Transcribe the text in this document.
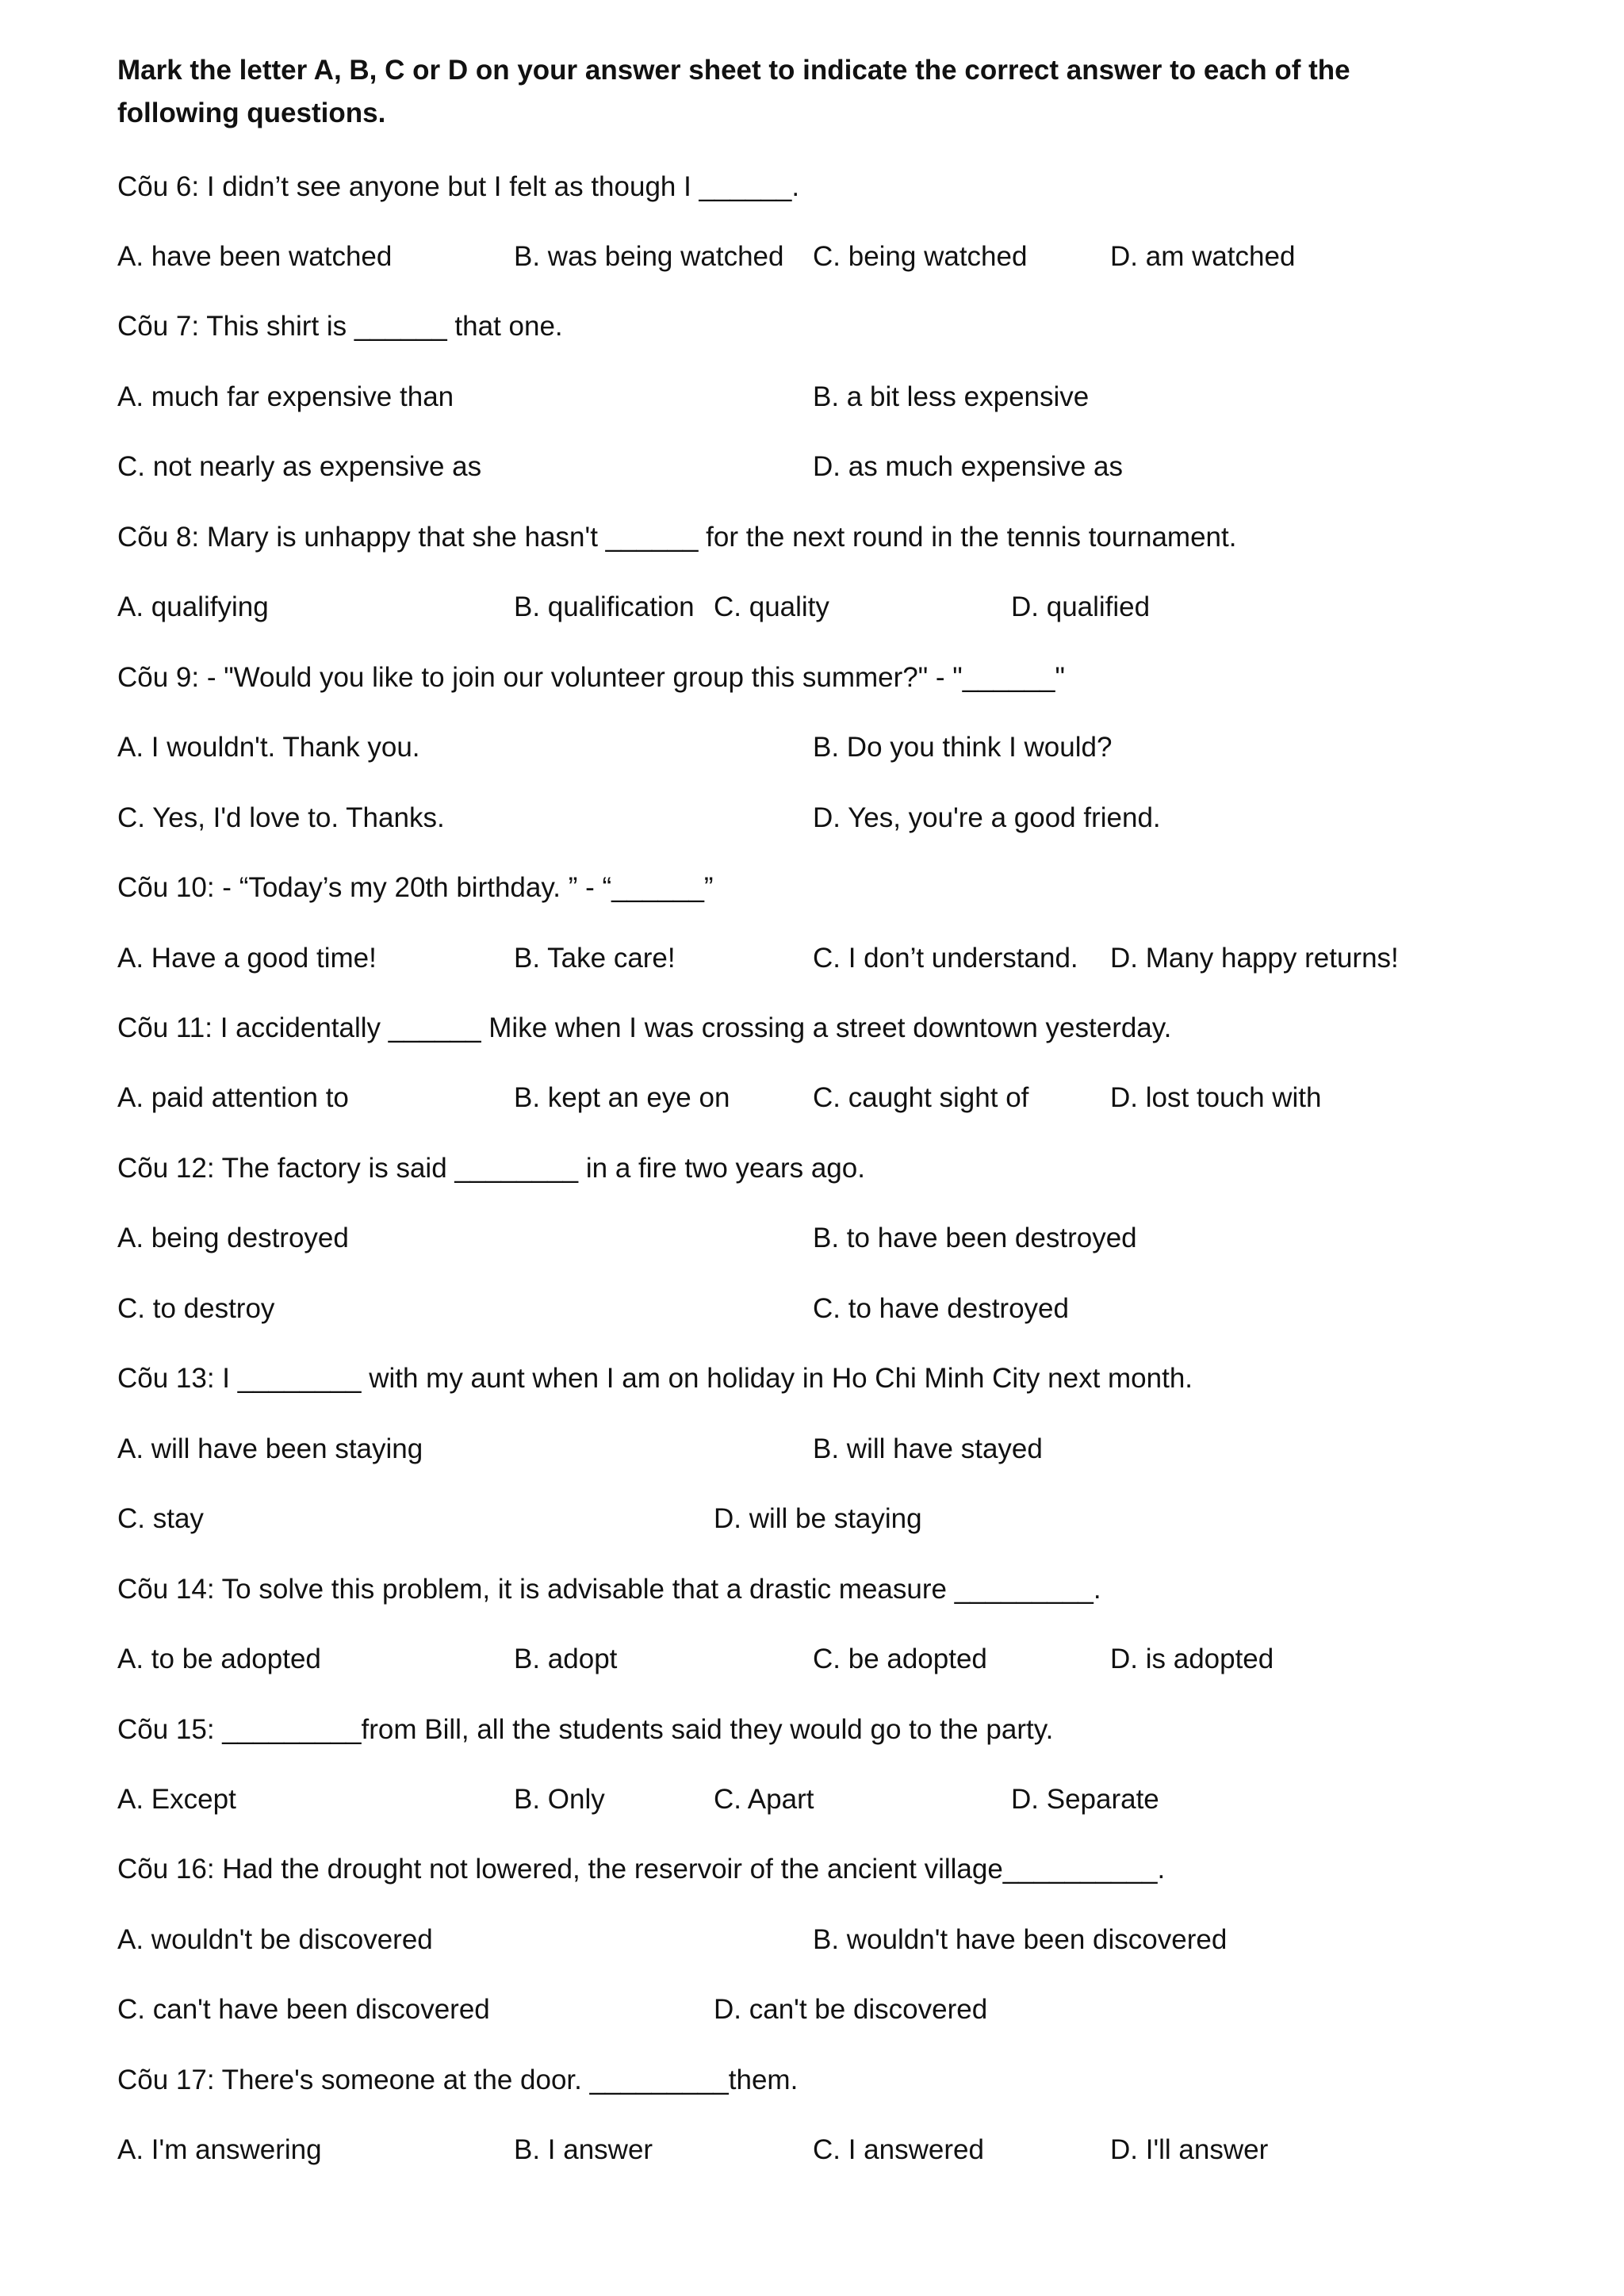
Mark the letter A, B, C or D on your answer sheet to indicate the correct answer to each of the following questions.
Cõu 6: I didn’t see anyone but I felt as though I ______.
A. have been watched	B. was being watched C. being watched	D. am watched
Cõu 7: This shirt is ______ that one.
A. much far expensive than	B. a bit less expensive
C. not nearly as expensive as	D. as much expensive as
Cõu 8: Mary is unhappy that she hasn't ______ for the next round in the tennis tournament.
A. qualifying	B. qualification C. quality	D. qualified
Cõu 9: - "Would you like to join our volunteer group this summer?" - "______"
A. I wouldn't. Thank you.	B. Do you think I would?
C. Yes, I'd love to. Thanks.	D. Yes, you're a good friend.
Cõu 10: - “Today’s my 20th birthday. ” - “______”
A. Have a good time!	B. Take care!	C. I don’t understand. D. Many happy returns!
Cõu 11: I accidentally ______ Mike when I was crossing a street downtown yesterday.
A. paid attention to	B. kept an eye on	C. caught sight of	D. lost touch with
Cõu 12: The factory is said ________ in a fire two years ago.
A. being destroyed	B. to have been destroyed
C. to destroy	C. to have destroyed
Cõu 13: I ________ with my aunt when I am on holiday in Ho Chi Minh City next month.
A. will have been staying	B. will have stayed
C. stay	D. will be staying
Cõu 14: To solve this problem, it is advisable that a drastic measure _________.
A. to be adopted	B. adopt	C. be adopted	D. is adopted
Cõu 15: _________from Bill, all the students said they would go to the party.
A. Except	B. Only	C. Apart	D. Separate
Cõu 16: Had the drought not lowered, the reservoir of the ancient village__________.
A. wouldn't be discovered	B. wouldn't have been discovered
C. can't have been discovered	D. can't be discovered
Cõu 17: There's someone at the door. _________them.
A. I'm answering	B. I answer	C. I answered	D. I'll answer
